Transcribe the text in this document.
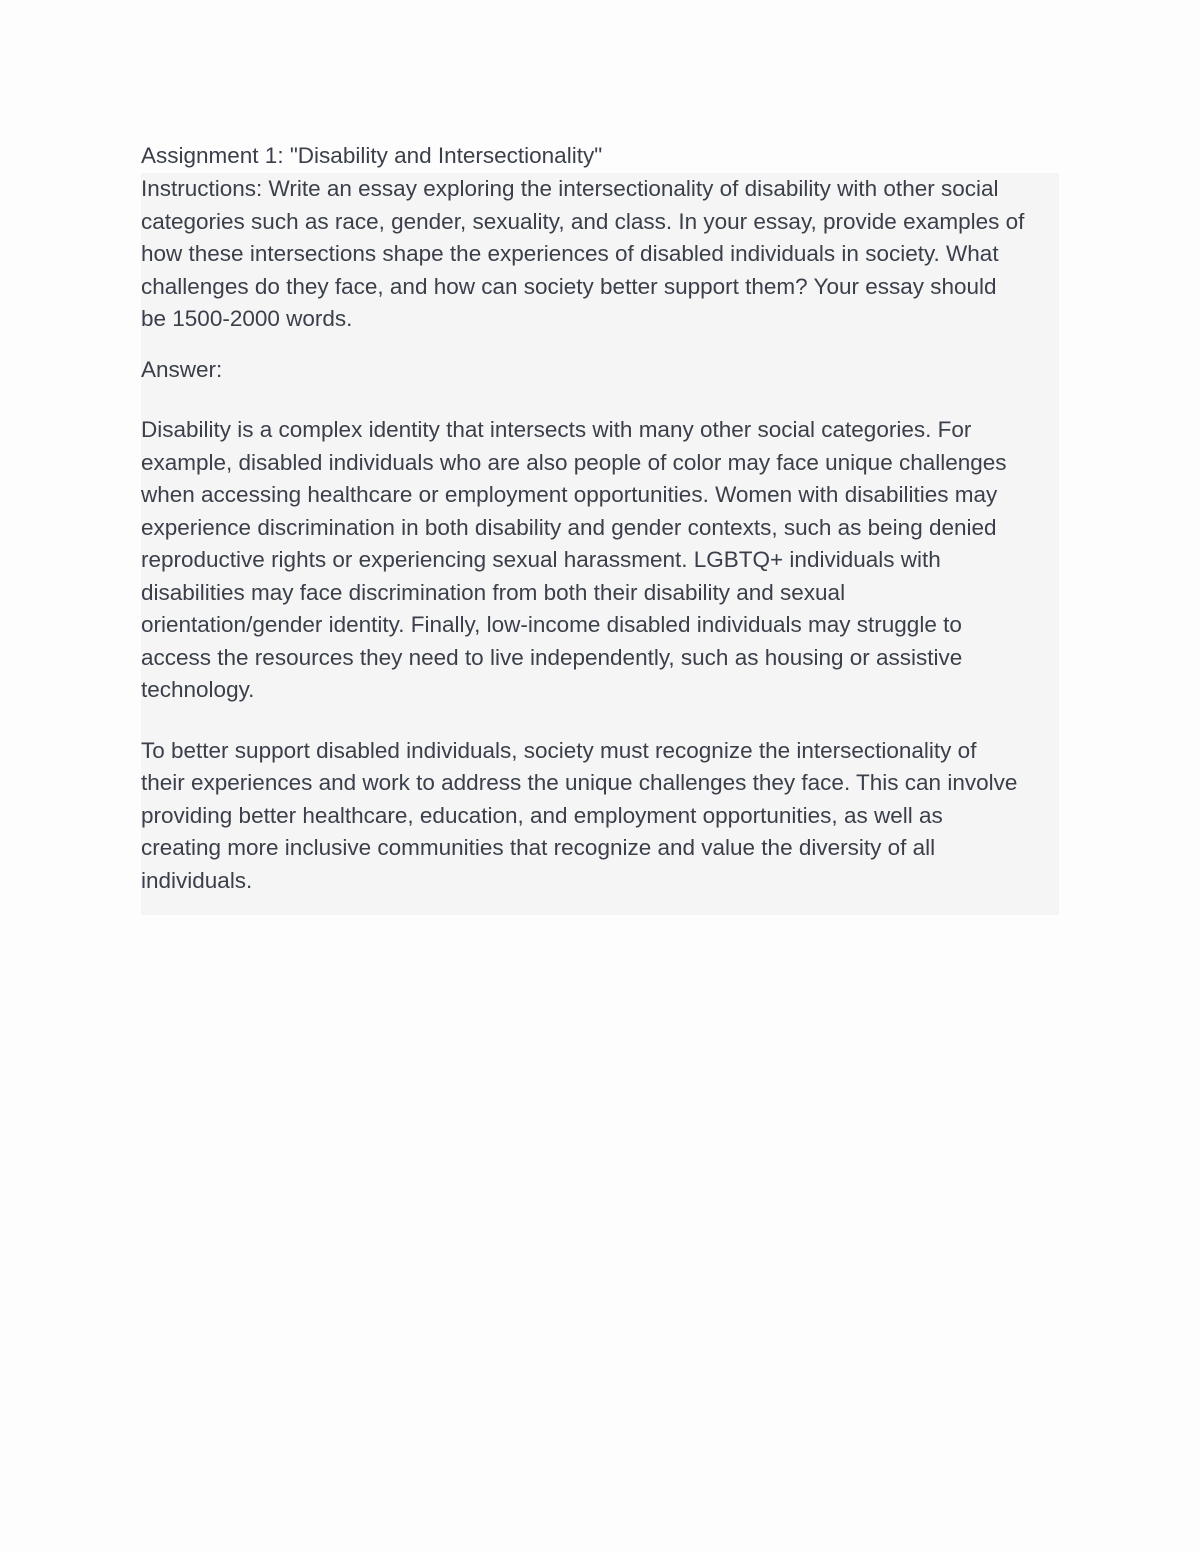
Assignment 1: "Disability and Intersectionality"
Instructions: Write an essay exploring the intersectionality of disability with other social
categories such as race, gender, sexuality, and class. In your essay, provide examples of
how these intersections shape the experiences of disabled individuals in society. What
challenges do they face, and how can society better support them? Your essay should
be 1500-2000 words.
Answer:
Disability is a complex identity that intersects with many other social categories. For
example, disabled individuals who are also people of color may face unique challenges
when accessing healthcare or employment opportunities. Women with disabilities may
experience discrimination in both disability and gender contexts, such as being denied
reproductive rights or experiencing sexual harassment. LGBTQ+ individuals with
disabilities may face discrimination from both their disability and sexual
orientation/gender identity. Finally, low-income disabled individuals may struggle to
access the resources they need to live independently, such as housing or assistive
technology.
To better support disabled individuals, society must recognize the intersectionality of
their experiences and work to address the unique challenges they face. This can involve
providing better healthcare, education, and employment opportunities, as well as
creating more inclusive communities that recognize and value the diversity of all
individuals.
